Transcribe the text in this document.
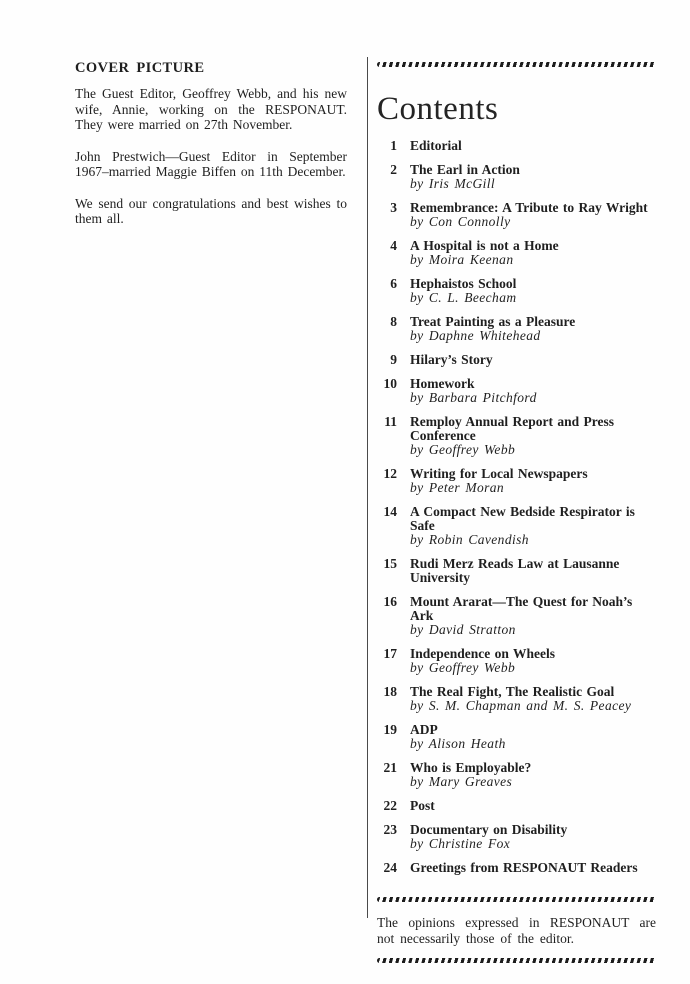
COVER PICTURE

The Guest Editor, Geoffrey Webb, and his new wife, Annie, working on the RESPONAUT. They were married on 27th November.

John Prestwich—Guest Editor in September 1967–married Maggie Biffen on 11th December.

We send our congratulations and best wishes to them all.

Contents
1 Editorial
2 The Earl in Action
by Iris McGill
3 Remembrance: A Tribute to Ray Wright
by Con Connolly
4 A Hospital is not a Home
by Moira Keenan
6 Hephaistos School
by C. L. Beecham
8 Treat Painting as a Pleasure
by Daphne Whitehead
9 Hilary’s Story
10 Homework
by Barbara Pitchford
11 Remploy Annual Report and Press Conference
by Geoffrey Webb
12 Writing for Local Newspapers
by Peter Moran
14 A Compact New Bedside Respirator is Safe
by Robin Cavendish
15 Rudi Merz Reads Law at Lausanne University
16 Mount Ararat—The Quest for Noah’s Ark
by David Stratton
17 Independence on Wheels
by Geoffrey Webb
18 The Real Fight, The Realistic Goal
by S. M. Chapman and M. S. Peacey
19 ADP
by Alison Heath
21 Who is Employable?
by Mary Greaves
22 Post
23 Documentary on Disability
by Christine Fox
24 Greetings from RESPONAUT Readers

The opinions expressed in RESPONAUT are not necessarily those of the editor.
